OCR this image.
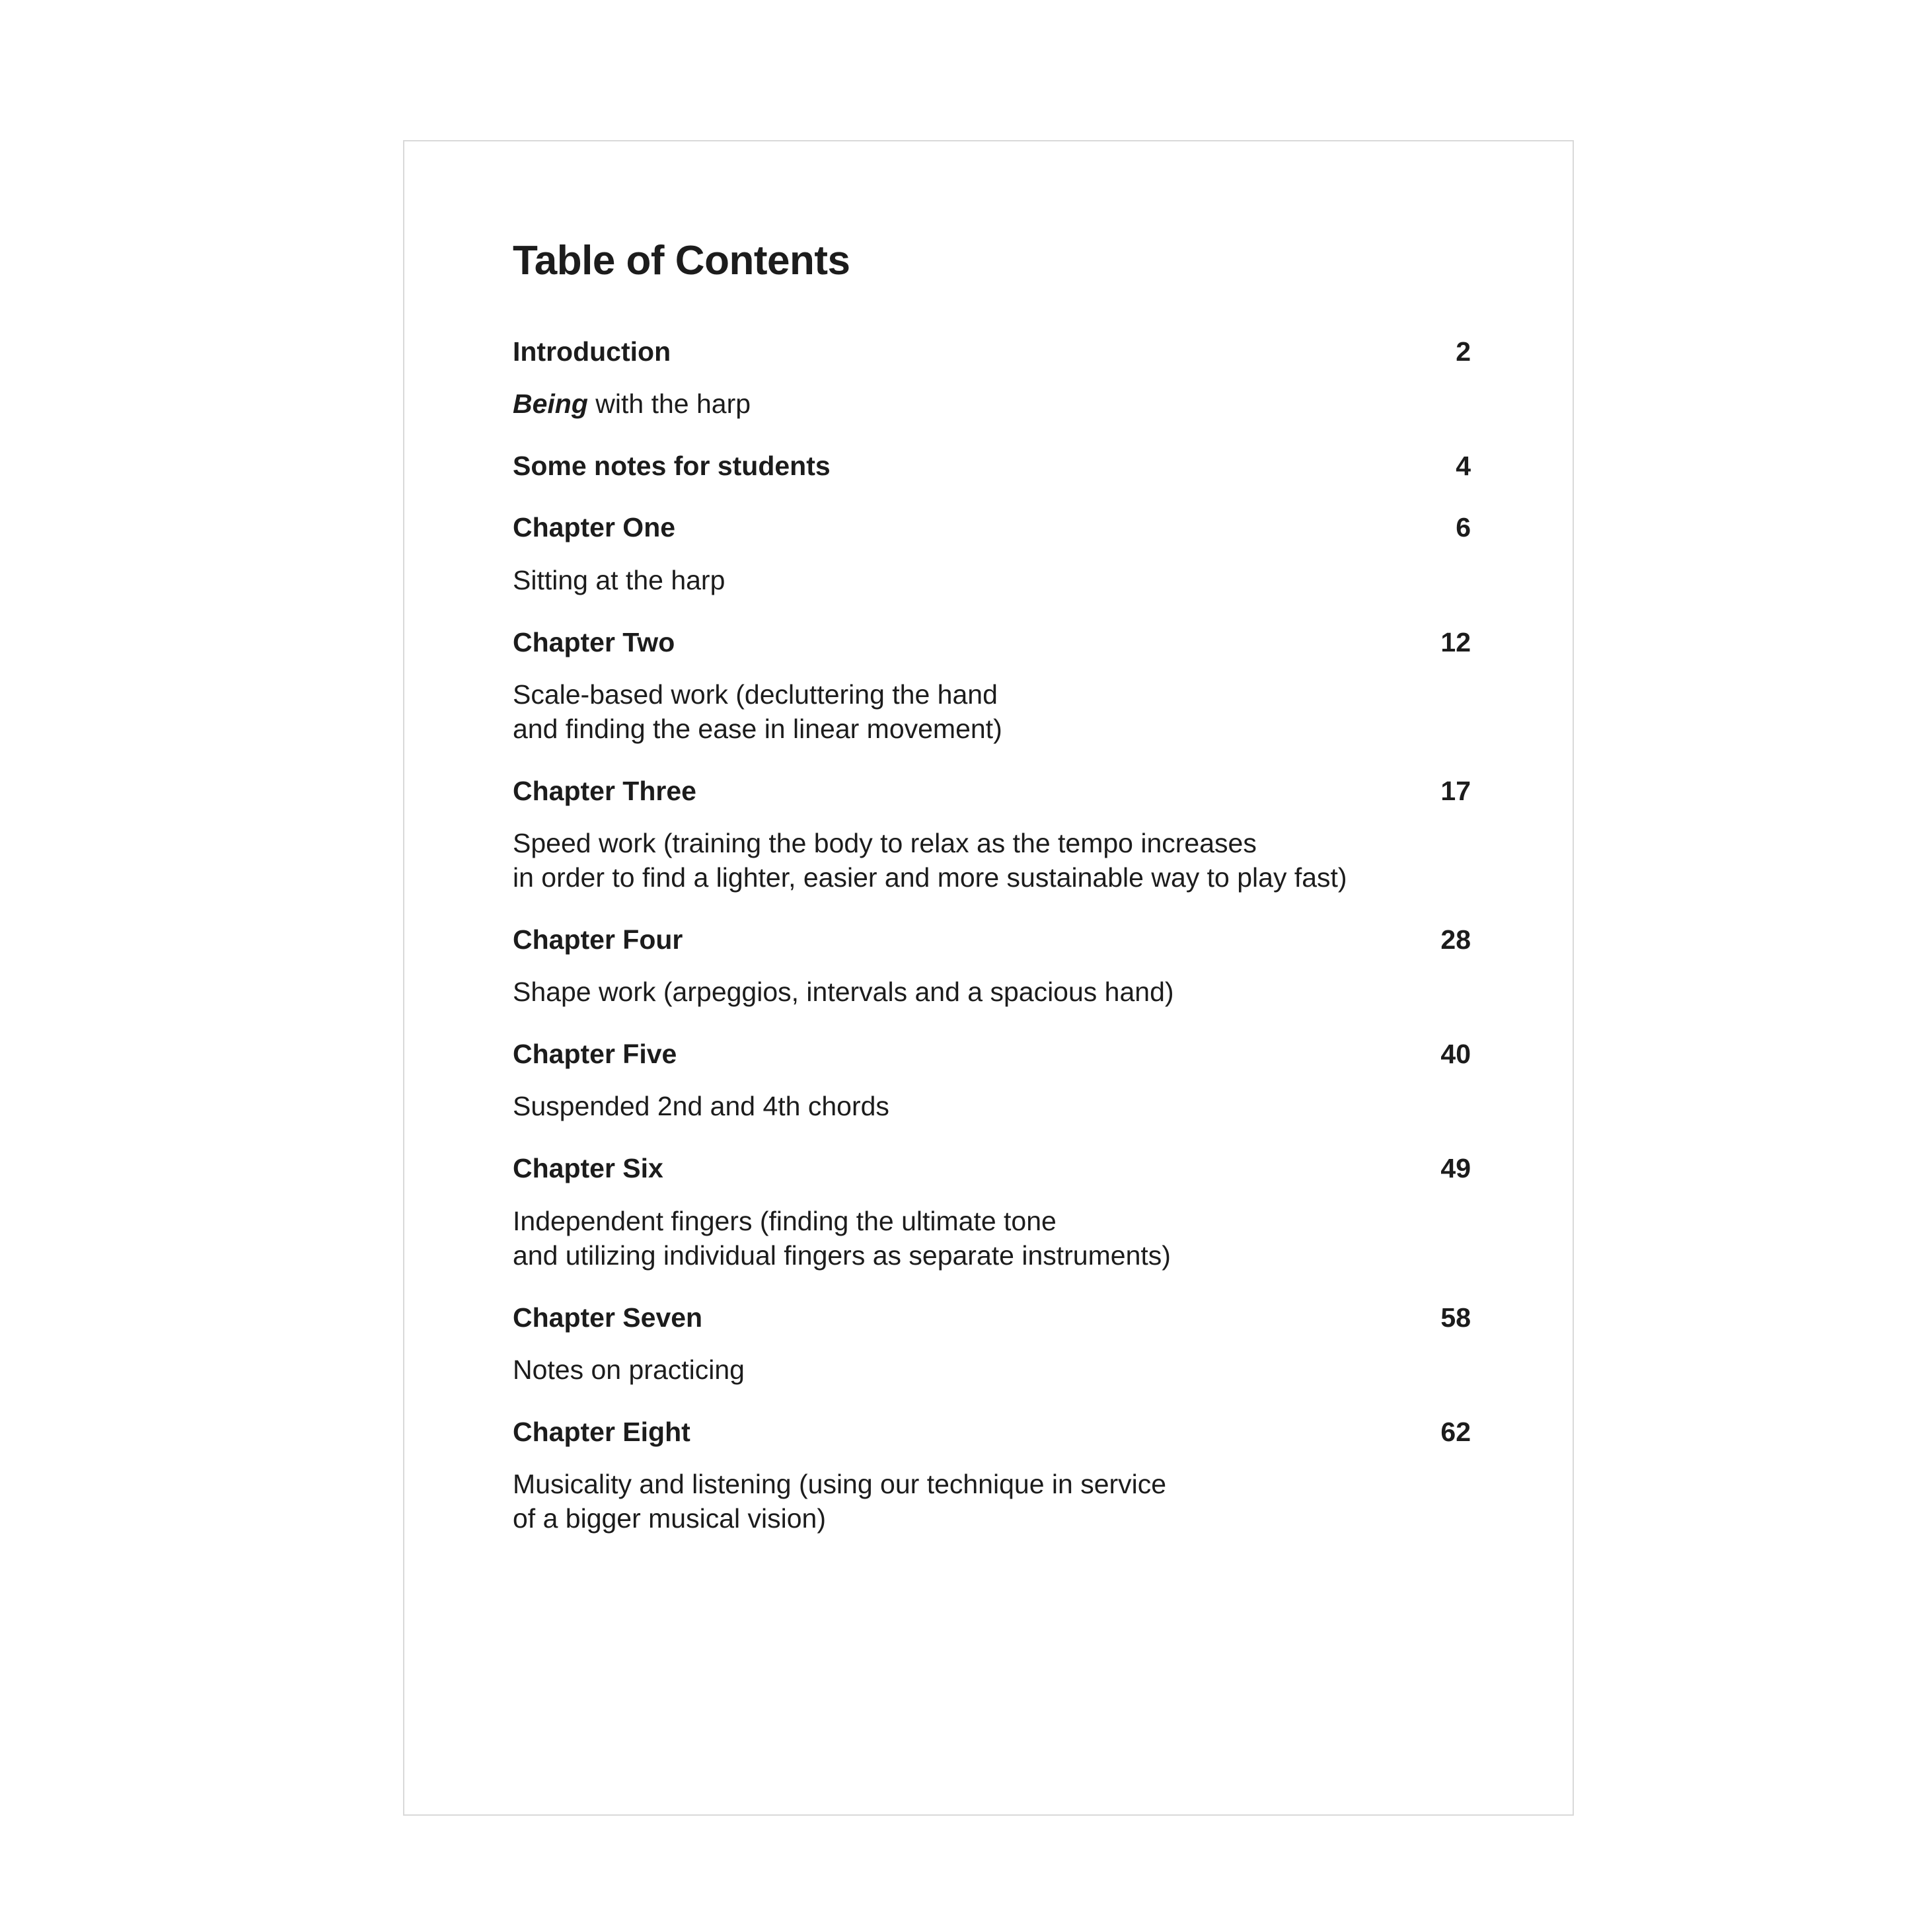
Table of Contents
Introduction	2
Being with the harp
Some notes for students	4
Chapter One	6
Sitting at the harp
Chapter Two	12
Scale-based work (decluttering the hand
and finding the ease in linear movement)
Chapter Three	17
Speed work (training the body to relax as the tempo increases
in order to find a lighter, easier and more sustainable way to play fast)
Chapter Four	28
Shape work (arpeggios, intervals and a spacious hand)
Chapter Five	40
Suspended 2nd and 4th chords
Chapter Six	49
Independent fingers (finding the ultimate tone
and utilizing individual fingers as separate instruments)
Chapter Seven	58
Notes on practicing
Chapter Eight	62
Musicality and listening (using our technique in service
of a bigger musical vision)
